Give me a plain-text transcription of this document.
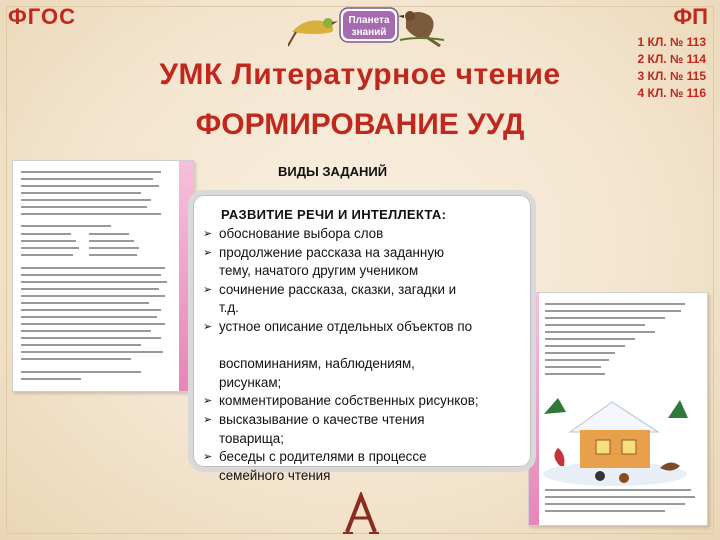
ФГОС	ФП
1 КЛ. № 113
2 КЛ. № 114
3 КЛ. № 115
4 КЛ. № 116
Планета
знаний
УМК Литературное чтение
ФОРМИРОВАНИЕ УУД
ВИДЫ ЗАДАНИЙ
РАЗВИТИЕ РЕЧИ И ИНТЕЛЛЕКТА:
➢ обоснование выбора слов
➢ продолжение рассказа на заданную
тему, начатого другим учеником
➢ сочинение рассказа, сказки, загадки и
т.д.
➢ устное описание отдельных объектов по
воспоминаниям, наблюдениям,
рисункам;
➢ комментирование собственных рисунков;
➢ высказывание о качестве чтения
товарища;
➢ беседы с родителями в процессе
семейного чтения
